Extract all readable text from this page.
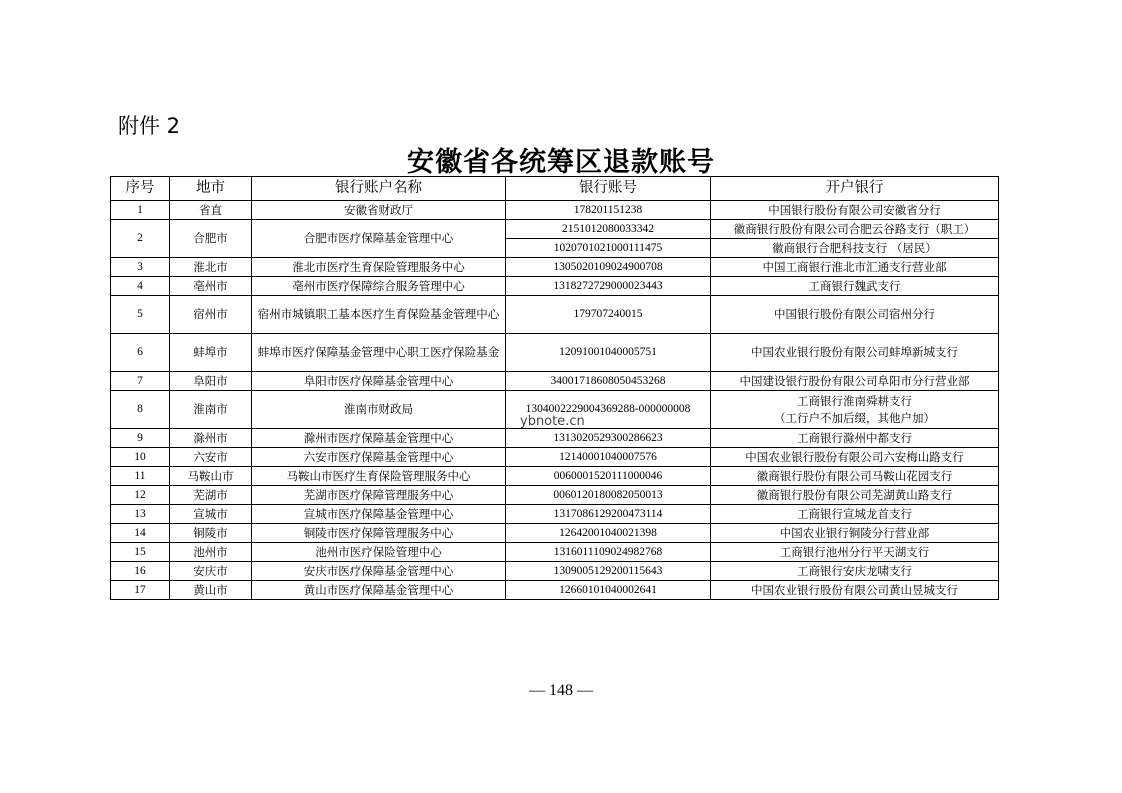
附件 2
安徽省各统筹区退款账号
序号	地市	银行账户名称	银行账号	开户银行
1	省直	安徽省财政厅	178201151238	中国银行股份有限公司安徽省分行

2	合肥市	合肥市医疗保障基金管理中心	2151012080033342	徽商银行股份有限公司合肥云谷路支行（职工）

			1020701021000111475	徽商银行合肥科技支行 （居民）

3	淮北市	淮北市医疗生育保险管理服务中心	1305020109024900708	中国工商银行淮北市汇通支行营业部

4	亳州市	亳州市医疗保障综合服务管理中心	1318272729000023443	工商银行魏武支行

5	宿州市	宿州市城镇职工基本医疗生育保险基金管理中心	179707240015	中国银行股份有限公司宿州分行

6	蚌埠市	蚌埠市医疗保障基金管理中心职工医疗保险基金	12091001040005751	中国农业银行股份有限公司蚌埠新城支行

7	阜阳市	阜阳市医疗保障基金管理中心	34001718608050453268	中国建设银行股份有限公司阜阳市分行营业部

8	淮南市	淮南市财政局	1304002229004369288-000000008	工商银行淮南舜耕支行
（工行户不加后缀，其他户加）

9	滁州市	滁州市医疗保障基金管理中心	1313020529300286623	工商银行滁州中都支行

10	六安市	六安市医疗保障基金管理中心	12140001040007576	中国农业银行股份有限公司六安梅山路支行

11	马鞍山市	马鞍山市医疗生育保险管理服务中心	0060001520111000046	徽商银行股份有限公司马鞍山花园支行

12	芜湖市	芜湖市医疗保障管理服务中心	0060120180082050013	徽商银行股份有限公司芜湖黄山路支行

13	宣城市	宣城市医疗保障基金管理中心	1317086129200473114	工商银行宣城龙首支行

14	铜陵市	铜陵市医疗保障管理服务中心	12642001040021398	中国农业银行铜陵分行营业部

15	池州市	池州市医疗保险管理中心	1316011109024982768	工商银行池州分行平天湖支行

16	安庆市	安庆市医疗保障基金管理中心	1309005129200115643	工商银行安庆龙啸支行

17	黄山市	黄山市医疗保障基金管理中心	12660101040002641	中国农业银行股份有限公司黄山昱城支行
ybnote.cn
— 148 —
